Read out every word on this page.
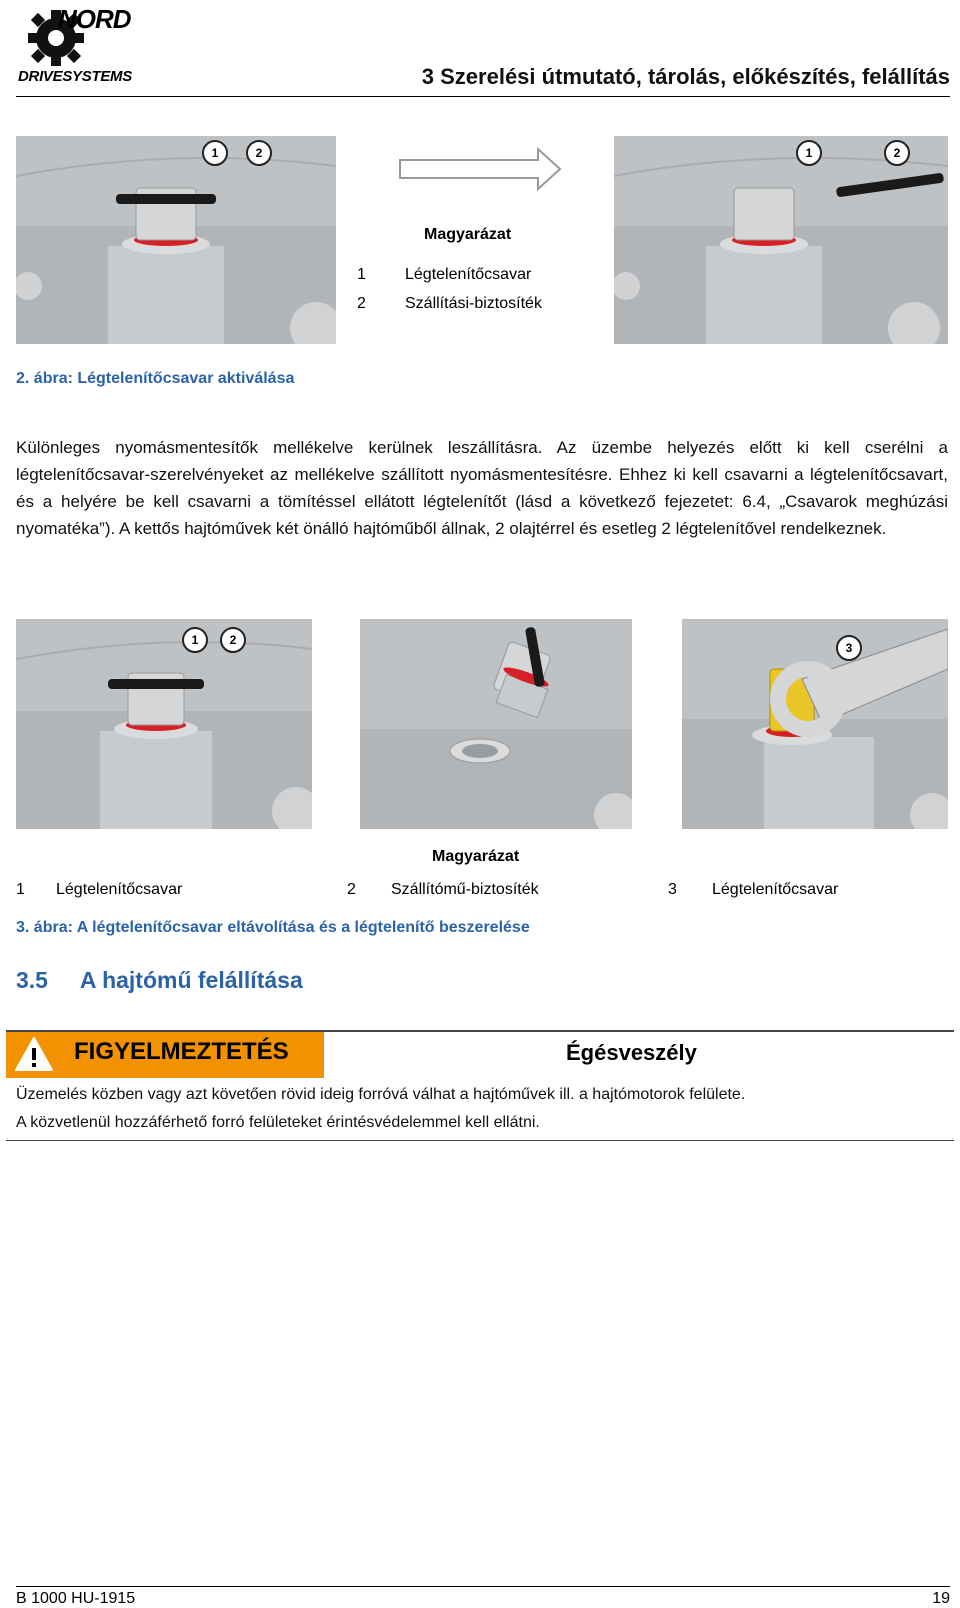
NORD
DRIVESYSTEMS	3 Szerelési útmutató, tárolás, előkészítés, felállítás
1	2
Magyarázat
1 Légtelenítőcsavar
2 Szállítási-biztosíték
1	2
2. ábra: Légtelenítőcsavar aktiválása
Különleges nyomásmentesítők mellékelve kerülnek leszállításra. Az üzembe helyezés előtt ki kell cserélni a légtelenítőcsavar-szerelvényeket az mellékelve szállított nyomásmentesítésre. Ehhez ki kell csavarni a légtelenítőcsavart, és a helyére be kell csavarni a tömítéssel ellátott légtelenítőt (lásd a következő fejezetet: 6.4, „Csavarok meghúzási nyomatéka”). A kettős hajtóművek két önálló hajtóműből állnak, 2 olajtérrel és esetleg 2 légtelenítővel rendelkeznek.
1	2
3
Magyarázat
1 Légtelenítőcsavar	2 Szállítómű-biztosíték	3 Légtelenítőcsavar
3. ábra: A légtelenítőcsavar eltávolítása és a légtelenítő beszerelése
3.5 A hajtómű felállítása
FIGYELMEZTETÉS	Égésveszély
Üzemelés közben vagy azt követően rövid ideig forróvá válhat a hajtóművek ill. a hajtómotorok felülete.
A közvetlenül hozzáférhető forró felületeket érintésvédelemmel kell ellátni.
B 1000 HU-1915	19
